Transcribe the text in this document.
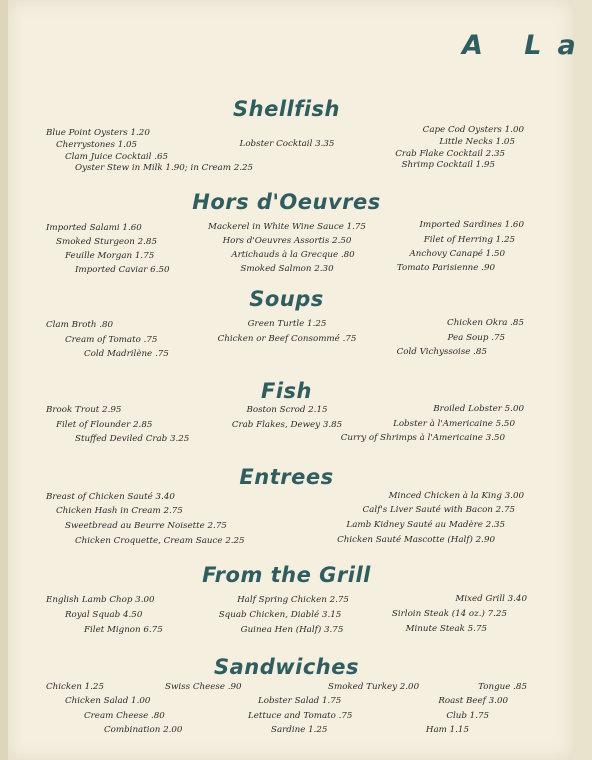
A La
Shellfish
Blue Point Oysters 1.20
Cherrystones 1.05
Clam Juice Cocktail .65
Oyster Stew in Milk 1.90; in Cream 2.25
Lobster Cocktail 3.35
Cape Cod Oysters 1.00
Little Necks 1.05
Crab Flake Cocktail 2.35
Shrimp Cocktail 1.95
Hors d'Oeuvres
Imported Salami 1.60
Smoked Sturgeon 2.85
Feuille Morgan 1.75
Imported Caviar 6.50
Mackerel in White Wine Sauce 1.75
Hors d'Oeuvres Assortis 2.50
Artichauds à la Grecque .80
Smoked Salmon 2.30
Imported Sardines 1.60
Filet of Herring 1.25
Anchovy Canapé 1.50
Tomato Parisienne .90
Soups
Clam Broth .80
Cream of Tomato .75
Cold Madrilène .75
Green Turtle 1.25
Chicken or Beef Consommé .75
Chicken Okra .85
Pea Soup .75
Cold Vichyssoise .85
Fish
Brook Trout 2.95
Filet of Flounder 2.85
Stuffed Deviled Crab 3.25
Boston Scrod 2.15
Crab Flakes, Dewey 3.85
Broiled Lobster 5.00
Lobster à l'Americaine 5.50
Curry of Shrimps à l'Americaine 3.50
Entrees
Breast of Chicken Sauté 3.40
Chicken Hash in Cream 2.75
Sweetbread au Beurre Noisette 2.75
Chicken Croquette, Cream Sauce 2.25
Minced Chicken à la King 3.00
Calf's Liver Sauté with Bacon 2.75
Lamb Kidney Sauté au Madère 2.35
Chicken Sauté Mascotte (Half) 2.90
From the Grill
English Lamb Chop 3.00
Royal Squab 4.50
Filet Mignon 6.75
Half Spring Chicken 2.75
Squab Chicken, Diablé 3.15
Guinea Hen (Half) 3.75
Mixed Grill 3.40
Sirloin Steak (14 oz.) 7.25
Minute Steak 5.75
Sandwiches
Chicken 1.25	Swiss Cheese .90	Smoked Turkey 2.00	Tongue .85
Chicken Salad 1.00	Lobster Salad 1.75	Roast Beef 3.00
Cream Cheese .80	Lettuce and Tomato .75	Club 1.75
Combination 2.00	Sardine 1.25	Ham 1.15
